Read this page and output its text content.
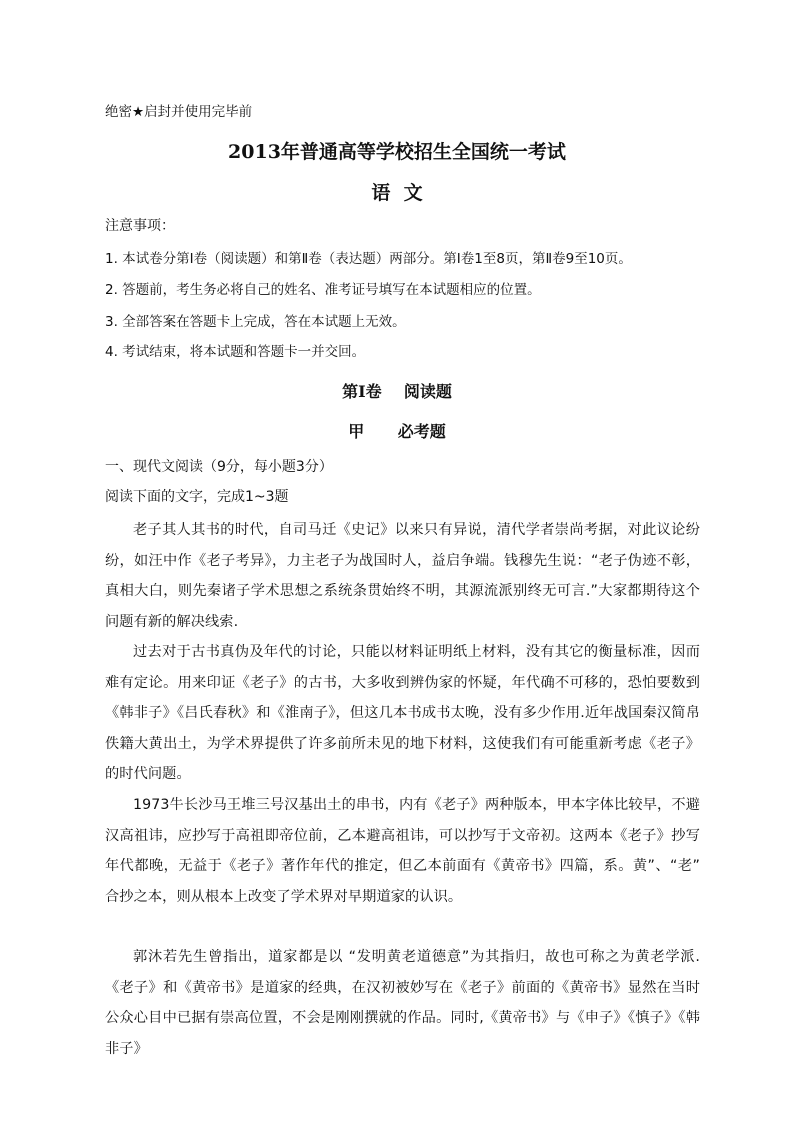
绝密★启封并使用完毕前
2013年普通高等学校招生全国统一考试
语  文
注意事项：
1. 本试卷分第Ⅰ卷（阅读题）和第Ⅱ卷（表达题）两部分。第Ⅰ卷1至8页，第Ⅱ卷9至10页。
2. 答题前，考生务必将自己的姓名、准考证号填写在本试题相应的位置。
3. 全部答案在答题卡上完成，答在本试题上无效。
4. 考试结束，将本试题和答题卡一并交回。
第Ⅰ卷    阅读题
甲      必考题
一、现代文阅读（9分，每小题3分）
阅读下面的文字，完成1~3题
老子其人其书的时代，自司马迁《史记》以来只有异说，清代学者崇尚考据，对此议论纷纷，如汪中作《老子考异》，力主老子为战国时人，益启争端。钱穆先生说：“老子伪迹不彰，真相大白，则先秦诸子学术思想之系统条贯始终不明，其源流派别终无可言.”大家都期待这个问题有新的解决线索.
过去对于古书真伪及年代的讨论，只能以材料证明纸上材料，没有其它的衡量标准，因而难有定论。用来印证《老子》的古书，大多收到辨伪家的怀疑，年代确不可移的，恐怕要数到《韩非子》《吕氏春秋》和《淮南子》，但这几本书成书太晚，没有多少作用.近年战国秦汉简帛佚籍大黄出土，为学术界提供了许多前所未见的地下材料，这使我们有可能重新考虑《老子》的时代问题。
1973牛长沙马王堆三号汉基出土的串书，内有《老子》两种版本，甲本字体比较早，不避汉高祖讳，应抄写于高祖即帝位前，乙本避高祖讳，可以抄写于文帝初。这两本《老子》抄写年代都晚，无益于《老子》著作年代的推定，但乙本前面有《黄帝书》四篇，系。黄”、“老” 合抄之本，则从根本上改变了学术界对早期道家的认识。
郭沐若先生曾指出，道家都是以 “发明黄老道德意”为其指归，故也可称之为黄老学派.《老子》和《黄帝书》是道家的经典，在汉初被妙写在《老子》前面的《黄帝书》显然在当时公众心目中已据有崇高位置，不会是刚刚撰就的作品。同时,《黄帝书》与《申子》《慎子》《韩非子》
